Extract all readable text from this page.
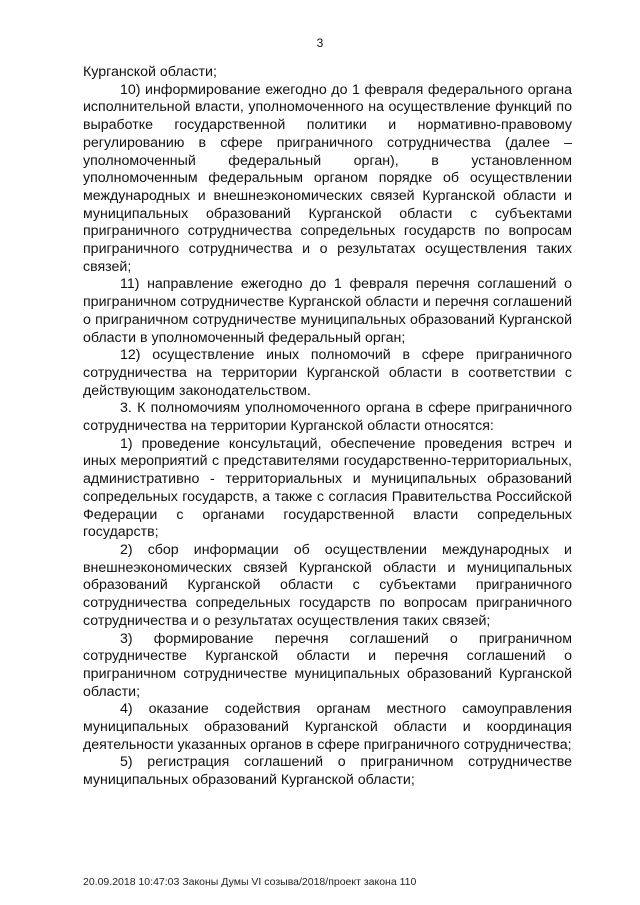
3

Курганской области;

10) информирование ежегодно до 1 февраля федерального органа исполнительной власти, уполномоченного на осуществление функций по выработке государственной политики и нормативно-правовому регулированию в сфере приграничного сотрудничества (далее – уполномоченный федеральный орган), в установленном уполномоченным федеральным органом порядке об осуществлении международных и внешнеэкономических связей Курганской области и муниципальных образований Курганской области с субъектами приграничного сотрудничества сопредельных государств по вопросам приграничного сотрудничества и о результатах осуществления таких связей;

11) направление ежегодно до 1 февраля перечня соглашений о приграничном сотрудничестве Курганской области и перечня соглашений о приграничном сотрудничестве муниципальных образований Курганской области в уполномоченный федеральный орган;

12) осуществление иных полномочий в сфере приграничного сотрудничества на территории Курганской области в соответствии с действующим законодательством.

3. К полномочиям уполномоченного органа в сфере приграничного сотрудничества на территории Курганской области относятся:

1) проведение консультаций, обеспечение проведения встреч и иных мероприятий с представителями государственно-территориальных, административно - территориальных и муниципальных образований сопредельных государств, а также с согласия Правительства Российской Федерации с органами государственной власти сопредельных государств;

2) сбор информации об осуществлении международных и внешнеэкономических связей Курганской области и муниципальных образований Курганской области с субъектами приграничного сотрудничества сопредельных государств по вопросам приграничного сотрудничества и о результатах осуществления таких связей;

3) формирование перечня соглашений о приграничном сотрудничестве Курганской области и перечня соглашений о приграничном сотрудничестве муниципальных образований Курганской области;

4) оказание содействия органам местного самоуправления муниципальных образований Курганской области и координация деятельности указанных органов в сфере приграничного сотрудничества;

5) регистрация соглашений о приграничном сотрудничестве муниципальных образований Курганской области;

20.09.2018 10:47:03 Законы Думы VI созыва/2018/проект закона 110
